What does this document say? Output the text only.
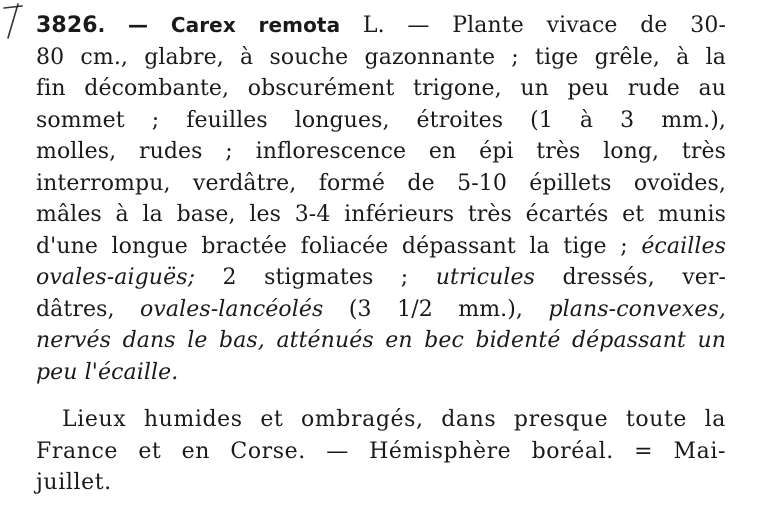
3826. — Carex remota L. — Plante vivace de 30-
80 cm., glabre, à souche gazonnante ; tige grêle, à la
fin décombante, obscurément trigone, un peu rude au
sommet ; feuilles longues, étroites (1 à 3 mm.),
molles, rudes ; inflorescence en épi très long, très
interrompu, verdâtre, formé de 5-10 épillets ovoïdes,
mâles à la base, les 3-4 inférieurs très écartés et munis
d'une longue bractée foliacée dépassant la tige ; écailles
ovales-aiguës; 2 stigmates ; utricules dressés, ver-
dâtres, ovales-lancéolés (3 1/2 mm.), plans-convexes,
nervés dans le bas, atténués en bec bidenté dépassant un
peu l'écaille.
Lieux humides et ombragés, dans presque toute la
France et en Corse. — Hémisphère boréal. = Mai-
juillet.
